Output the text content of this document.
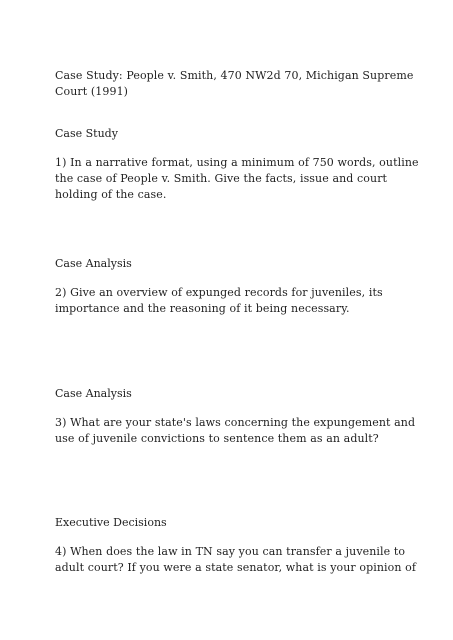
Case Study: People v. Smith, 470 NW2d 70, Michigan Supreme
Court (1991)
Case Study
1) In a narrative format, using a minimum of 750 words, outline
the case of People v. Smith. Give the facts, issue and court
holding of the case.
Case Analysis
2) Give an overview of expunged records for juveniles, its
importance and the reasoning of it being necessary.
Case Analysis
3) What are your state's laws concerning the expungement and
use of juvenile convictions to sentence them as an adult?
Executive Decisions
4) When does the law in TN say you can transfer a juvenile to
adult court? If you were a state senator, what is your opinion of
